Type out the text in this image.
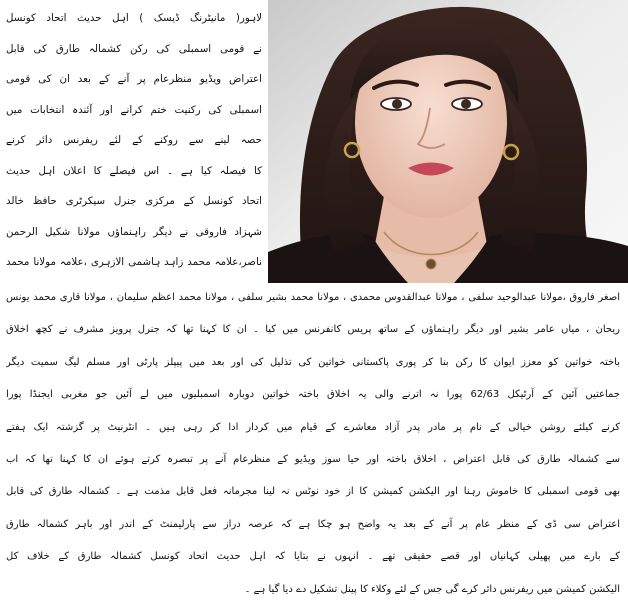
لاہور( مانیٹرنگ ڈیسک ) اہل حدیث اتحاد کونسل
نے قومی اسمبلی کی رکن کشمالہ طارق کی قابل
اعتراض ویڈیو منظرعام پر آنے کے بعد ان کی قومی
اسمبلی کی رکنیت ختم کرانے اور آئندہ انتخابات میں
حصہ لینے سے روکنے کے لئے ریفرنس دائر کرنے
کا فیصلہ کیا ہے ۔ اس فیصلے کا اعلان اہل حدیث
اتحاد کونسل کے مرکزی جنرل سیکرٹری حافظ خالد
شہزاد فاروقی نے دیگر راہنماؤں مولانا شکیل الرحمن
ناصر،علامہ محمد زاہد ہاشمی الازہری ،علامہ مولانا محمد
اصغر فاروق ،مولانا عبدالوحید سلفی ، مولانا عبدالقدوس محمدی ، مولانا محمد بشیر سلفی ، مولانا محمد اعظم سلیمان ، مولانا قاری محمد یونس
ریحان ، میاں عامر بشیر اور دیگر راہنماؤں کے ساتھ پریس کانفرنس میں کیا ۔ ان کا کہنا تھا کہ جنرل پرویز مشرف نے کچھ اخلاق
باختہ خواتین کو معزز ایوان کا رکن بنا کر پوری پاکستانی خواتین کی تذلیل کی اور بعد میں پیپلز پارٹی اور مسلم لیگ سمیت دیگر
جماعتیں آئین کے آرٹیکل 62/63 پورا نہ اترنے والی یہ اخلاق باختہ خواتین دوبارہ اسمبلیوں میں لے آئیں جو مغربی ایجنڈا پورا
کرنے کیلئے روشن خیالی کے نام پر مادر پدر آزاد معاشرے کے قیام میں کردار ادا کر رہی ہیں ۔ انٹرنیٹ پر گزشتہ ایک ہفتے
سے کشمالہ طارق کی قابل اعتراض ، اخلاق باختہ اور حیا سوز ویڈیو کے منظرعام آنے پر تبصرہ کرتے ہوئے ان کا کہنا تھا کہ اب
بھی قومی اسمبلی کا خاموش رہنا اور الیکشن کمیشن کا از خود نوٹس نہ لینا مجرمانہ فعل قابل مذمت ہے ۔ کشمالہ طارق کی قابل
اعتراض سی ڈی کے منظر عام پر آنے کے بعد یہ واضح ہو چکا ہے کہ عرصہ دراز سے پارلیمنٹ کے اندر اور باہر کشمالہ طارق
کے بارے میں پھیلی کہانیاں اور قصے حقیقی تھے ۔ انہوں نے بتایا کہ اہل حدیث اتحاد کونسل کشمالہ طارق کے خلاف کل
الیکشن کمیشن میں ریفرنس دائر کرے گی جس کے لئے وکلاء کا پینل تشکیل دے دیا گیا ہے ۔
